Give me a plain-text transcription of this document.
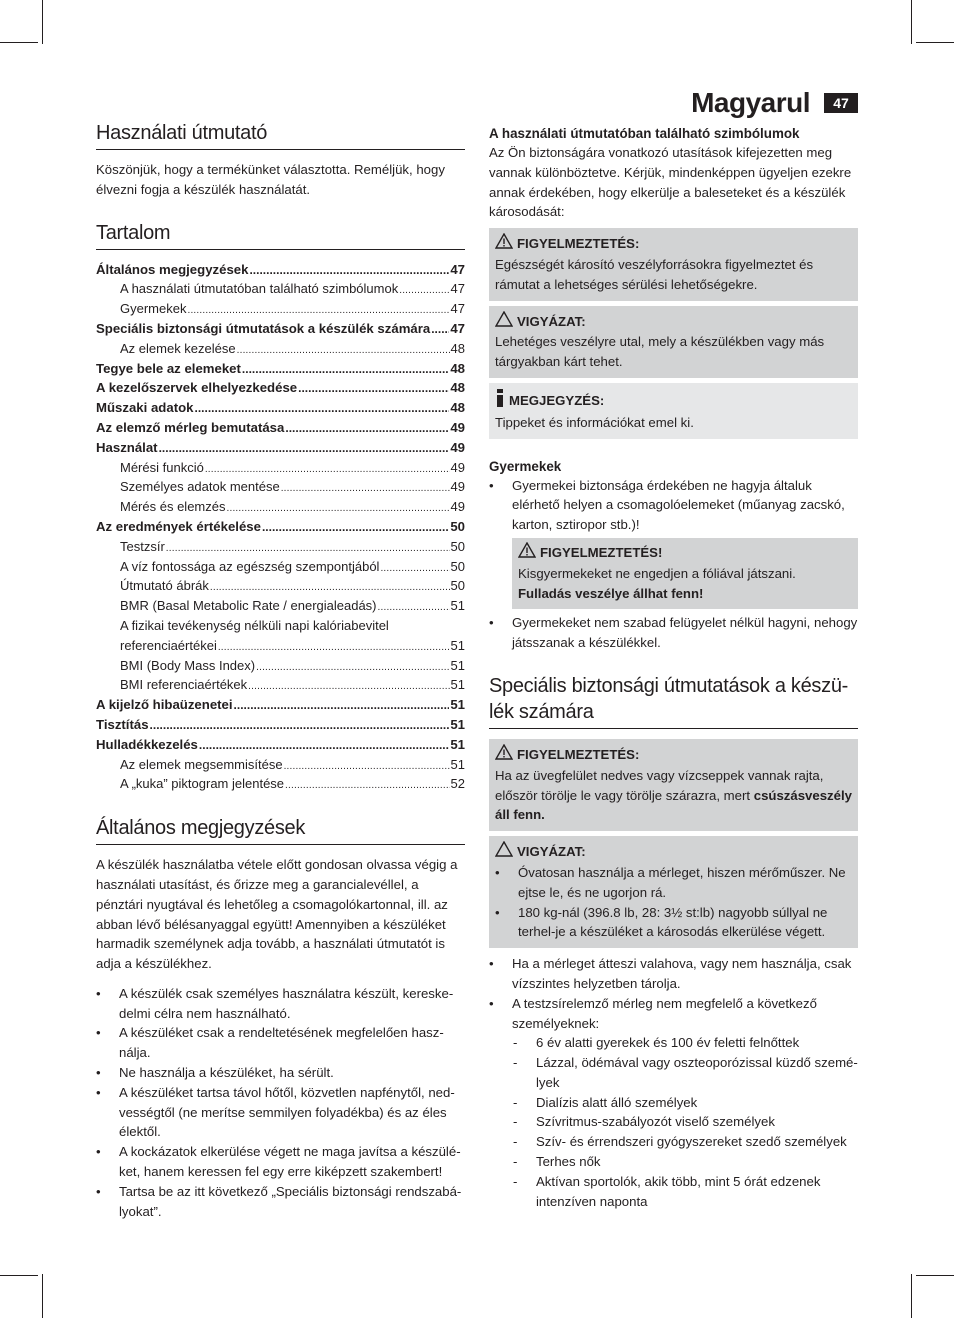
Magyarul	47
Használati útmutató

Köszönjük, hogy a termékünket választotta. Reméljük, hogy élvezni fogja a készülék használatát.

Tartalom
Általános megjegyzések .....	47
A használati útmutatóban található szimbólumok .....	47
Gyermekek .....	47
Speciális biztonsági útmutatások a készülék számára ..... 47
Az elemek kezelése .....	48
Tegye bele az elemeket .....	48
A kezelőszervek elhelyezkedése .....	48
Műszaki adatok .....	48
Az elemző mérleg bemutatása .....	49
Használat .....	49
Mérési funkció .....	49
Személyes adatok mentése .....	49
Mérés és elemzés .....	49
Az eredmények értékelése .....	50
Testzsír .....	50
A víz fontossága az egészség szempontjából .....	50
Útmutató ábrák .....	50
BMR (Basal Metabolic Rate / energialeadás) .....	51
A fizikai tevékenység nélküli napi kalóriabevitel
referenciaértékei .....	51
BMI (Body Mass Index) .....	51
BMI referenciaértékek .....	51
A kijelző hibaüzenetei .....	51
Tisztítás .....	51
Hulladékkezelés .....	51
Az elemek megsemmisítése .....	51
A „kuka” piktogram jelentése .....	52
Általános megjegyzések

A készülék használatba vétele előtt gondosan olvassa végig a használati utasítást, és őrizze meg a garancialevéllel, a pénztári nyugtával és lehetőleg a csomagolókartonnal, ill. az abban lévő bélésanyaggal együtt! Amennyiben a készüléket harmadik személynek adja tovább, a használati útmutatót is adja a készülékhez.

• A készülék csak személyes használatra készült, kereske-delmi célra nem használható.
• A készüléket csak a rendeltetésének megfelelően hasz-nálja.
• Ne használja a készüléket, ha sérült.
• A készüléket tartsa távol hőtől, közvetlen napfénytől, ned-vességtől (ne merítse semmilyen folyadékba) és az éles élektől.
• A kockázatok elkerülése végett ne maga javítsa a készülé-ket, hanem keressen fel egy erre kiképzett szakembert!
• Tartsa be az itt következő „Speciális biztonsági rendszabá-lyokat”.
A használati útmutatóban található szimbólumok

Az Ön biztonságára vonatkozó utasítások kifejezetten meg vannak különböztetve. Kérjük, mindenképpen ügyeljen ezekre annak érdekében, hogy elkerülje a baleseteket és a készülék károsodását:

FIGYELMEZTETÉS:

Egészségét károsító veszélyforrásokra figyelmeztet és rámutat a lehetséges sérülési lehetőségekre.

VIGYÁZAT:

Lehetéges veszélyre utal, mely a készülékben vagy más tárgyakban kárt tehet.

MEGJEGYZÉS:

Tippeket és információkat emel ki.

Gyermekek
• Gyermekei biztonsága érdekében ne hagyja általuk elérhető helyen a csomagolóelemeket (műanyag zacskó, karton, sztiropor stb.)!
FIGYELMEZTETÉS!

Kisgyermekeket ne engedjen a fóliával játszani.

Fulladás veszélye állhat fenn!

• Gyermekeket nem szabad felügyelet nélkül hagyni, nehogy játsszanak a készülékkel.
Speciális biztonsági útmutatások a készü-lék számára
FIGYELMEZTETÉS:

Ha az üvegfelület nedves vagy vízcseppek vannak rajta, először törölje le vagy törölje szárazra, mert csúszásveszély áll fenn.

VIGYÁZAT:
• Óvatosan használja a mérleget, hiszen mérőműszer. Ne ejtse le, és ne ugorjon rá.
• 180 kg-nál (396.8 lb, 28: 3½ st:lb) nagyobb súllyal ne terhel-je a készüléket a károsodás elkerülése végett.
• Ha a mérleget átteszi valahova, vagy nem használja, csak vízszintes helyzetben tárolja.
• A testzsírelemző mérleg nem megfelelő a következő személyeknek:
- 6 év alatti gyerekek és 100 év feletti felnőttek
- Lázzal, ödémával vagy oszteoporózissal küzdő szemé-lyek
- Dialízis alatt álló személyek
- Szívritmus-szabályozót viselő személyek
- Szív- és érrendszeri gyógyszereket szedő személyek
- Terhes nők
- Aktívan sportolók, akik több, mint 5 órát edzenek intenzíven naponta
